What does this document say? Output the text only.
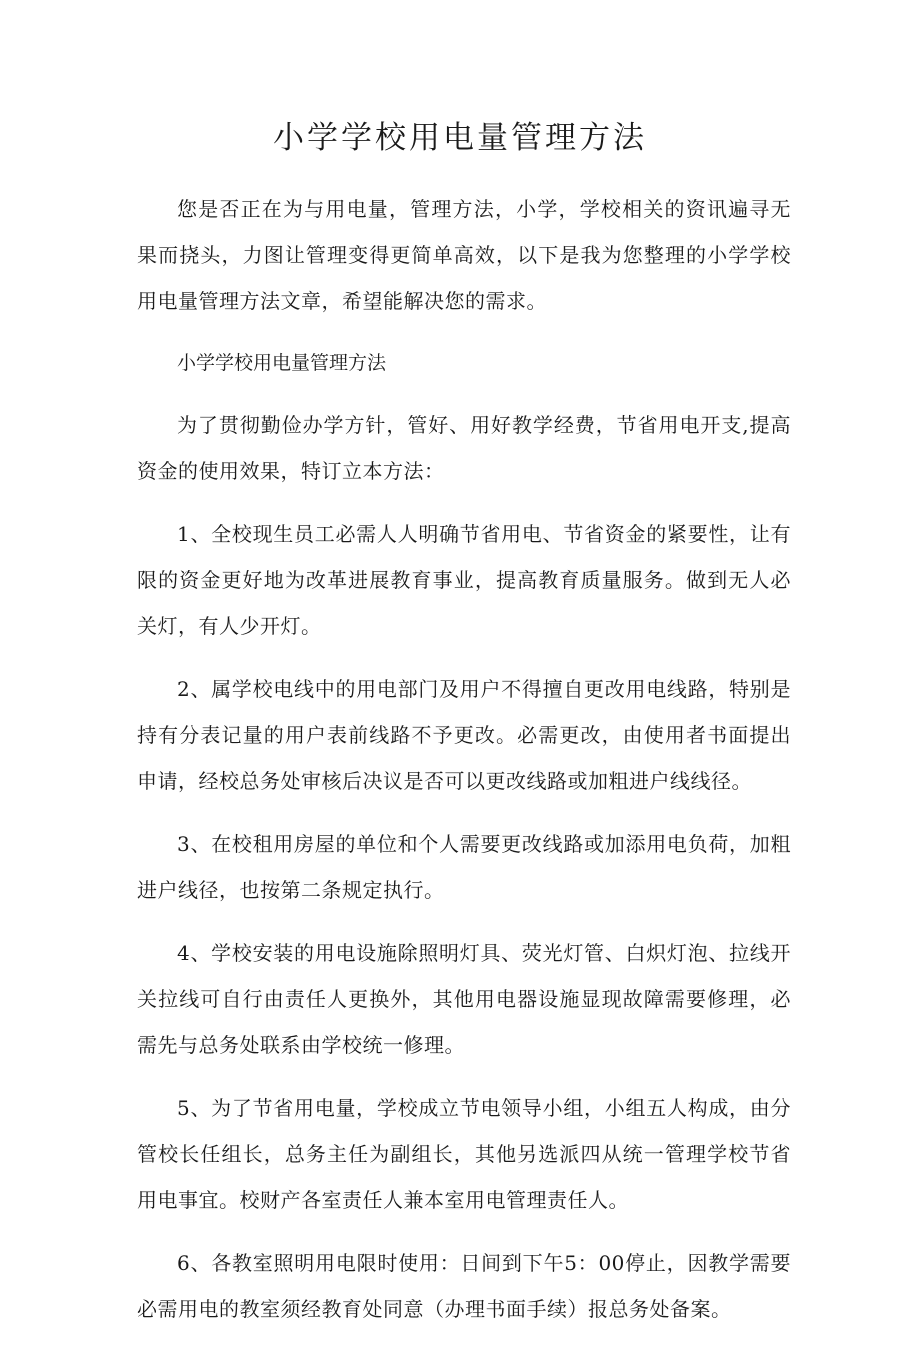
小学学校用电量管理方法

您是否正在为与用电量，管理方法，小学，学校相关的资讯遍寻无果而挠头，力图让管理变得更简单高效，以下是我为您整理的小学学校用电量管理方法文章，希望能解决您的需求。

小学学校用电量管理方法

为了贯彻勤俭办学方针，管好、用好教学经费，节省用电开支,提高资金的使用效果，特订立本方法：

1、全校现生员工必需人人明确节省用电、节省资金的紧要性，让有限的资金更好地为改革进展教育事业，提高教育质量服务。做到无人必关灯，有人少开灯。

2、属学校电线中的用电部门及用户不得擅自更改用电线路，特别是持有分表记量的用户表前线路不予更改。必需更改，由使用者书面提出申请，经校总务处审核后决议是否可以更改线路或加粗进户线线径。

3、在校租用房屋的单位和个人需要更改线路或加添用电负荷，加粗进户线径，也按第二条规定执行。

4、学校安装的用电设施除照明灯具、荧光灯管、白炽灯泡、拉线开关拉线可自行由责任人更换外，其他用电器设施显现故障需要修理，必需先与总务处联系由学校统一修理。

5、为了节省用电量，学校成立节电领导小组，小组五人构成，由分管校长任组长，总务主任为副组长，其他另选派四从统一管理学校节省用电事宜。校财产各室责任人兼本室用电管理责任人。

6、各教室照明用电限时使用：日间到下午5：00停止，因教学需要必需用电的教室须经教育处同意（办理书面手续）报总务处备案。
